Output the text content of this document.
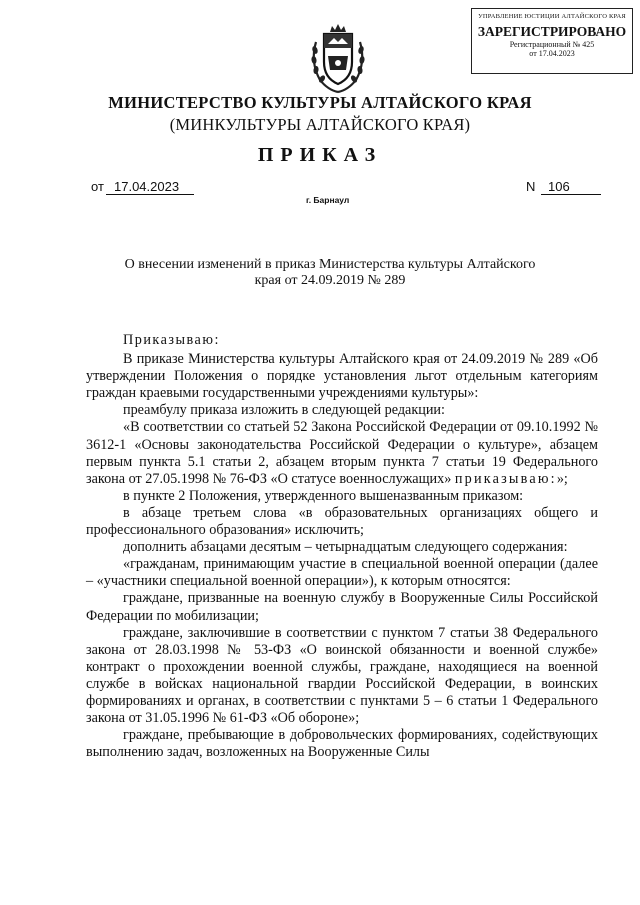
УПРАВЛЕНИЕ ЮСТИЦИИ АЛТАЙСКОГО КРАЯ
ЗАРЕГИСТРИРОВАНО
Регистрационный № 425
от 17.04.2023
МИНИСТЕРСТВО КУЛЬТУРЫ АЛТАЙСКОГО КРАЯ
(МИНКУЛЬТУРЫ АЛТАЙСКОГО КРАЯ)
ПРИКАЗ
от 17.04.2023
г. Барнаул
N 106
О внесении изменений в приказ Министерства культуры Алтайского края от 24.09.2019 № 289

Приказываю:

В приказе Министерства культуры Алтайского края от 24.09.2019 № 289 «Об утверждении Положения о порядке установления льгот отдельным категориям граждан краевыми государственными учреждениями культуры»:

преамбулу приказа изложить в следующей редакции:

«В соответствии со статьей 52 Закона Российской Федерации от 09.10.1992 № 3612-1 «Основы законодательства Российской Федерации о культуре», абзацем первым пункта 5.1 статьи 2, абзацем вторым пункта 7 статьи 19 Федерального закона от 27.05.1998 № 76-ФЗ «О статусе военнослужащих» приказываю:»;

в пункте 2 Положения, утвержденного вышеназванным приказом:

в абзаце третьем слова «в образовательных организациях общего и профессионального образования» исключить;

дополнить абзацами десятым – четырнадцатым следующего содержания:

«гражданам, принимающим участие в специальной военной операции (далее – «участники специальной военной операции»), к которым относятся:

граждане, призванные на военную службу в Вооруженные Силы Российской Федерации по мобилизации;

граждане, заключившие в соответствии с пунктом 7 статьи 38 Федерального закона от 28.03.1998 № 53-ФЗ «О воинской обязанности и военной службе» контракт о прохождении военной службы, граждане, находящиеся на военной службе в войсках национальной гвардии Российской Федерации, в воинских формированиях и органах, в соответствии с пунктами 5 – 6 статьи 1 Федерального закона от 31.05.1996 № 61-ФЗ «Об обороне»;

граждане, пребывающие в добровольческих формированиях, содействующих выполнению задач, возложенных на Вооруженные Силы
